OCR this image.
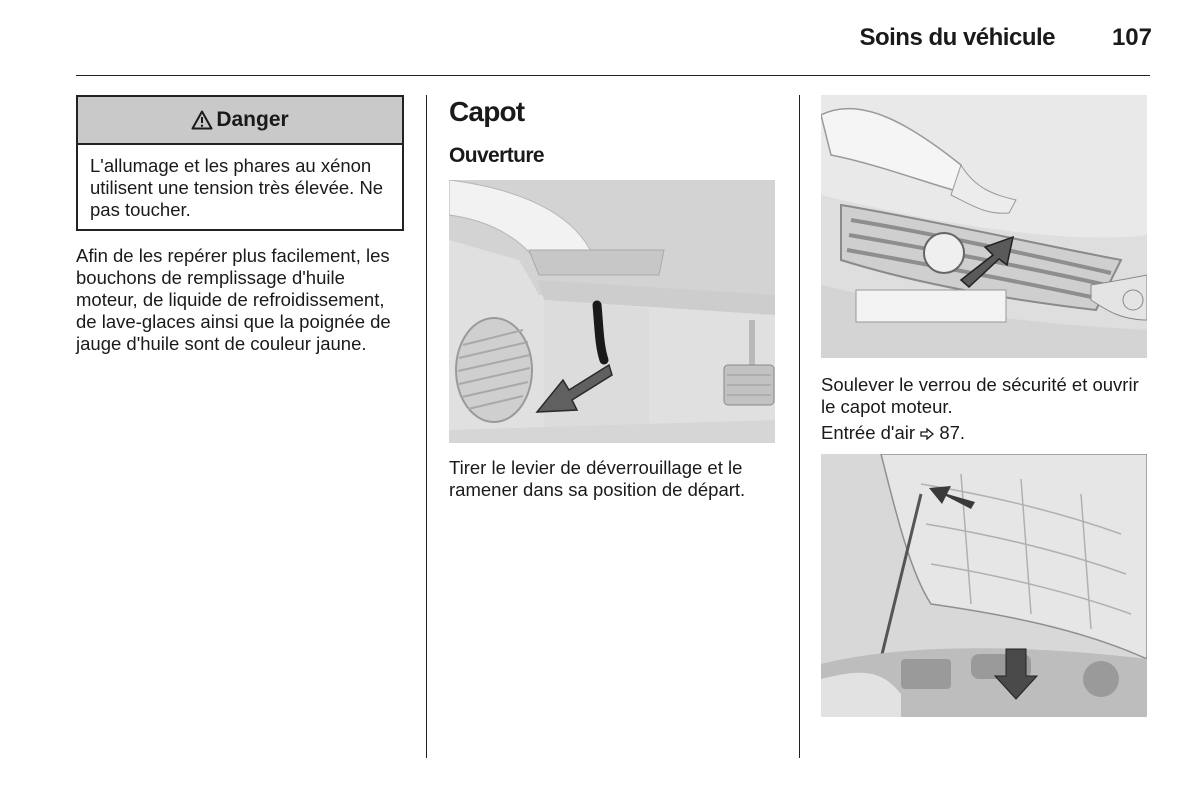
Soins du véhicule 107
Danger
L'allumage et les phares au xénon utilisent une tension très élevée. Ne pas toucher.
Afin de les repérer plus facilement, les bouchons de remplissage d'huile moteur, de liquide de refroidissement, de lave-glaces ainsi que la poignée de jauge d'huile sont de couleur jaune.
Capot
Ouverture
Tirer le levier de déverrouillage et le ramener dans sa position de départ.
Soulever le verrou de sécurité et ouvrir le capot moteur.
Entrée d'air 87.
